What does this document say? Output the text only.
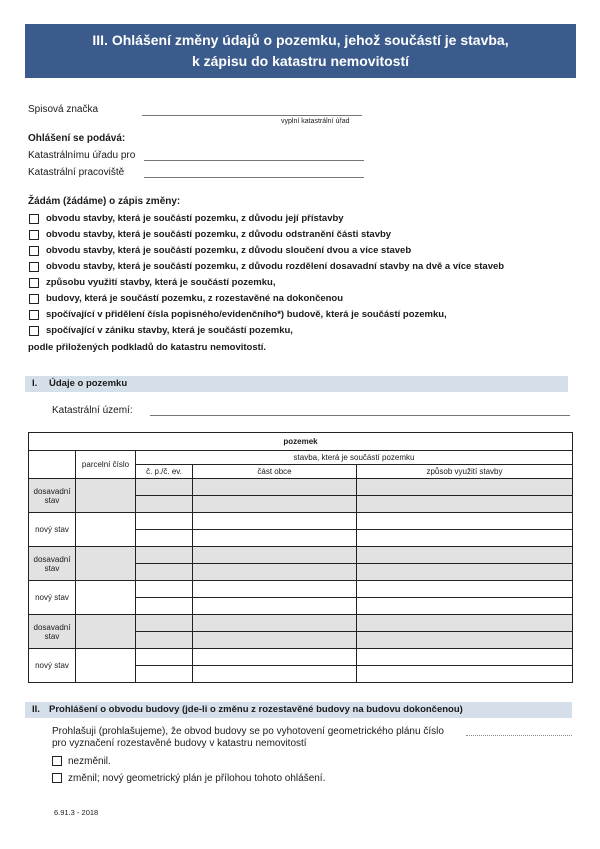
III. Ohlášení změny údajů o pozemku, jehož součástí je stavba,
k zápisu do katastru nemovitostí
Spisová značka
vyplní katastrální úřad
Ohlášení se podává:
Katastrálnímu úřadu pro
Katastrální pracoviště
Žádám (žádáme) o zápis změny:
obvodu stavby, která je součástí pozemku, z důvodu její přístavby
obvodu stavby, která je součástí pozemku, z důvodu odstranění části stavby
obvodu stavby, která je součástí pozemku, z důvodu sloučení dvou a více staveb
obvodu stavby, která je součástí pozemku, z důvodu rozdělení dosavadní stavby na dvě a více staveb
způsobu využití stavby, která je součástí pozemku,
budovy, která je součástí pozemku, z rozestavěné na dokončenou
spočívající v přidělení čísla popisného/evidenčního*) budově, která je součástí pozemku,
spočívající v zániku stavby, která je součástí pozemku,
podle přiložených podkladů do katastru nemovitostí.
I. Údaje o pozemku
Katastrální území:
pozemek				
	parcelní číslo	stavba, která je součástí pozemku		
		č. p./č. ev.	část obce	způsob využití stavby
dosavadní stav		

nový stav		

dosavadní stav		

nový stav		

dosavadní stav		

nový stav		

II. Prohlášení o obvodu budovy (jde-li o změnu z rozestavěné budovy na budovu dokončenou)
Prohlašuji (prohlašujeme), že obvod budovy se po vyhotovení geometrického plánu číslo
pro vyznačení rozestavěné budovy v katastru nemovitostí
nezměnil.
změnil; nový geometrický plán je přílohou tohoto ohlášení.
6.91.3 - 2018
